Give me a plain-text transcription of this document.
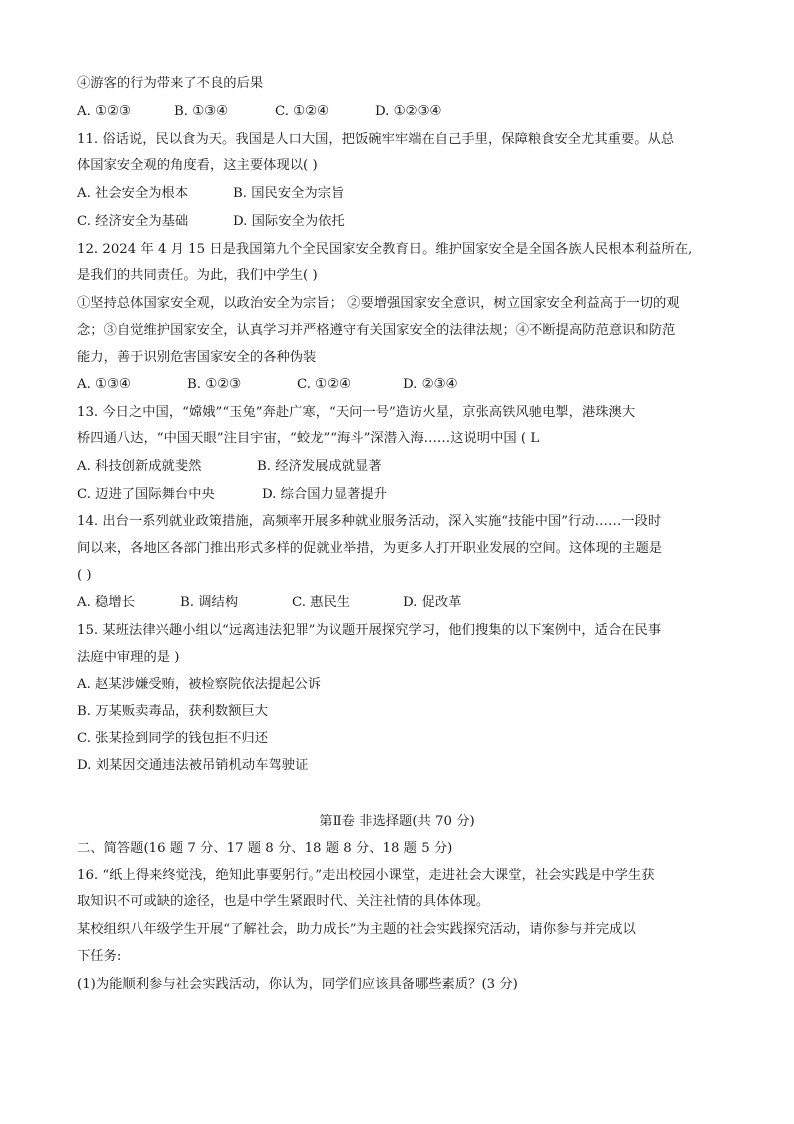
④游客的行为带来了不良的后果
A. ①②③	B. ①③④	C. ①②④	D. ①②③④
11. 俗话说，民以食为天。我国是人口大国，把饭碗牢牢端在自己手里，保障粮食安全尤其重要。从总
体国家安全观的角度看，这主要体现以( )
A. 社会安全为根本	B. 国民安全为宗旨
C. 经济安全为基础	D. 国际安全为依托
12. 2024 年 4 月 15 日是我国第九个全民国家安全教育日。维护国家安全是全国各族人民根本利益所在,
是我们的共同责任。为此，我们中学生( )
①坚持总体国家安全观，以政治安全为宗旨； ②要增强国家安全意识，树立国家安全利益高于一切的观
念；③自觉维护国家安全，认真学习并严格遵守有关国家安全的法律法规；④不断提高防范意识和防范
能力，善于识别危害国家安全的各种伪装
A. ①③④	B. ①②③	C. ①②④	D. ②③④
13. 今日之中国，“嫦娥”“玉兔”奔赴广寒，“天问一号”造访火星，京张高铁风驰电掣，港珠澳大
桥四通八达，“中国天眼”注目宇宙，“蛟龙”“海斗”深潜入海……这说明中国 ( L
A. 科技创新成就斐然	B. 经济发展成就显著
C. 迈进了国际舞台中央	D. 综合国力显著提升
14. 出台一系列就业政策措施，高频率开展多种就业服务活动，深入实施“技能中国”行动……一段时
间以来，各地区各部门推出形式多样的促就业举措，为更多人打开职业发展的空间。这体现的主题是
( )
A. 稳增长	B. 调结构	C. 惠民生	D. 促改革
15. 某班法律兴趣小组以“远离违法犯罪”为议题开展探究学习，他们搜集的以下案例中，适合在民事
法庭中审理的是 )
A. 赵某涉嫌受贿，被检察院依法提起公诉
B. 万某贩卖毒品，获利数额巨大
C. 张某捡到同学的钱包拒不归还
D. 刘某因交通违法被吊销机动车驾驶证
第Ⅱ卷 非选择题(共 70 分)
二、简答题(16 题 7 分、17 题 8 分、18 题 8 分、18 题 5 分)
16. “纸上得来终觉浅，绝知此事要躬行。”走出校园小课堂，走进社会大课堂，社会实践是中学生获
取知识不可或缺的途径，也是中学生紧跟时代、关注社情的具体体现。
某校组织八年级学生开展“了解社会，助力成长”为主题的社会实践探究活动，请你参与并完成以
下任务:
(1)为能顺利参与社会实践活动，你认为，同学们应该具备哪些素质？(3 分)
